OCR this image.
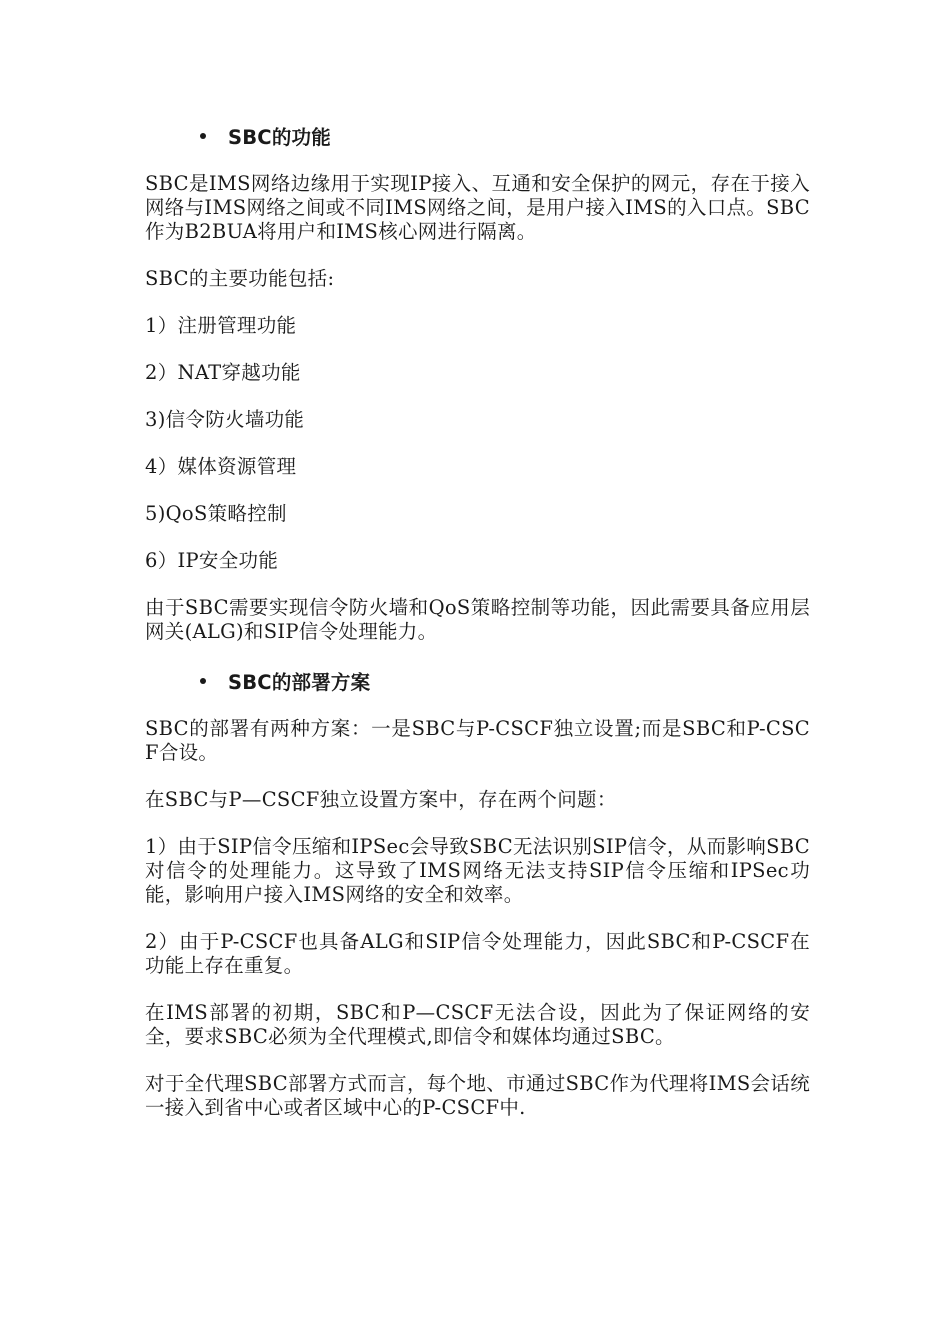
SBC的功能

SBC是IMS网络边缘用于实现IP接入、互通和安全保护的网元，存在于接入网络与IMS网络之间或不同IMS网络之间，是用户接入IMS的入口点。SBC作为B2BUA将用户和IMS核心网进行隔离。

SBC的主要功能包括:

1）注册管理功能

2）NAT穿越功能

3)信令防火墙功能

4）媒体资源管理

5)QoS策略控制

6）IP安全功能

由于SBC需要实现信令防火墙和QoS策略控制等功能，因此需要具备应用层网关(ALG)和SIP信令处理能力。

SBC的部署方案

SBC的部署有两种方案：一是SBC与P-CSCF独立设置;而是SBC和P-CSCF合设。

在SBC与P—CSCF独立设置方案中，存在两个问题：

1）由于SIP信令压缩和IPSec会导致SBC无法识别SIP信令，从而影响SBC对信令的处理能力。这导致了IMS网络无法支持SIP信令压缩和IPSec功能，影响用户接入IMS网络的安全和效率。

2）由于P-CSCF也具备ALG和SIP信令处理能力，因此SBC和P-CSCF在功能上存在重复。

在IMS部署的初期，SBC和P—CSCF无法合设，因此为了保证网络的安全，要求SBC必须为全代理模式,即信令和媒体均通过SBC。

对于全代理SBC部署方式而言，每个地、市通过SBC作为代理将IMS会话统一接入到省中心或者区域中心的P-CSCF中.
